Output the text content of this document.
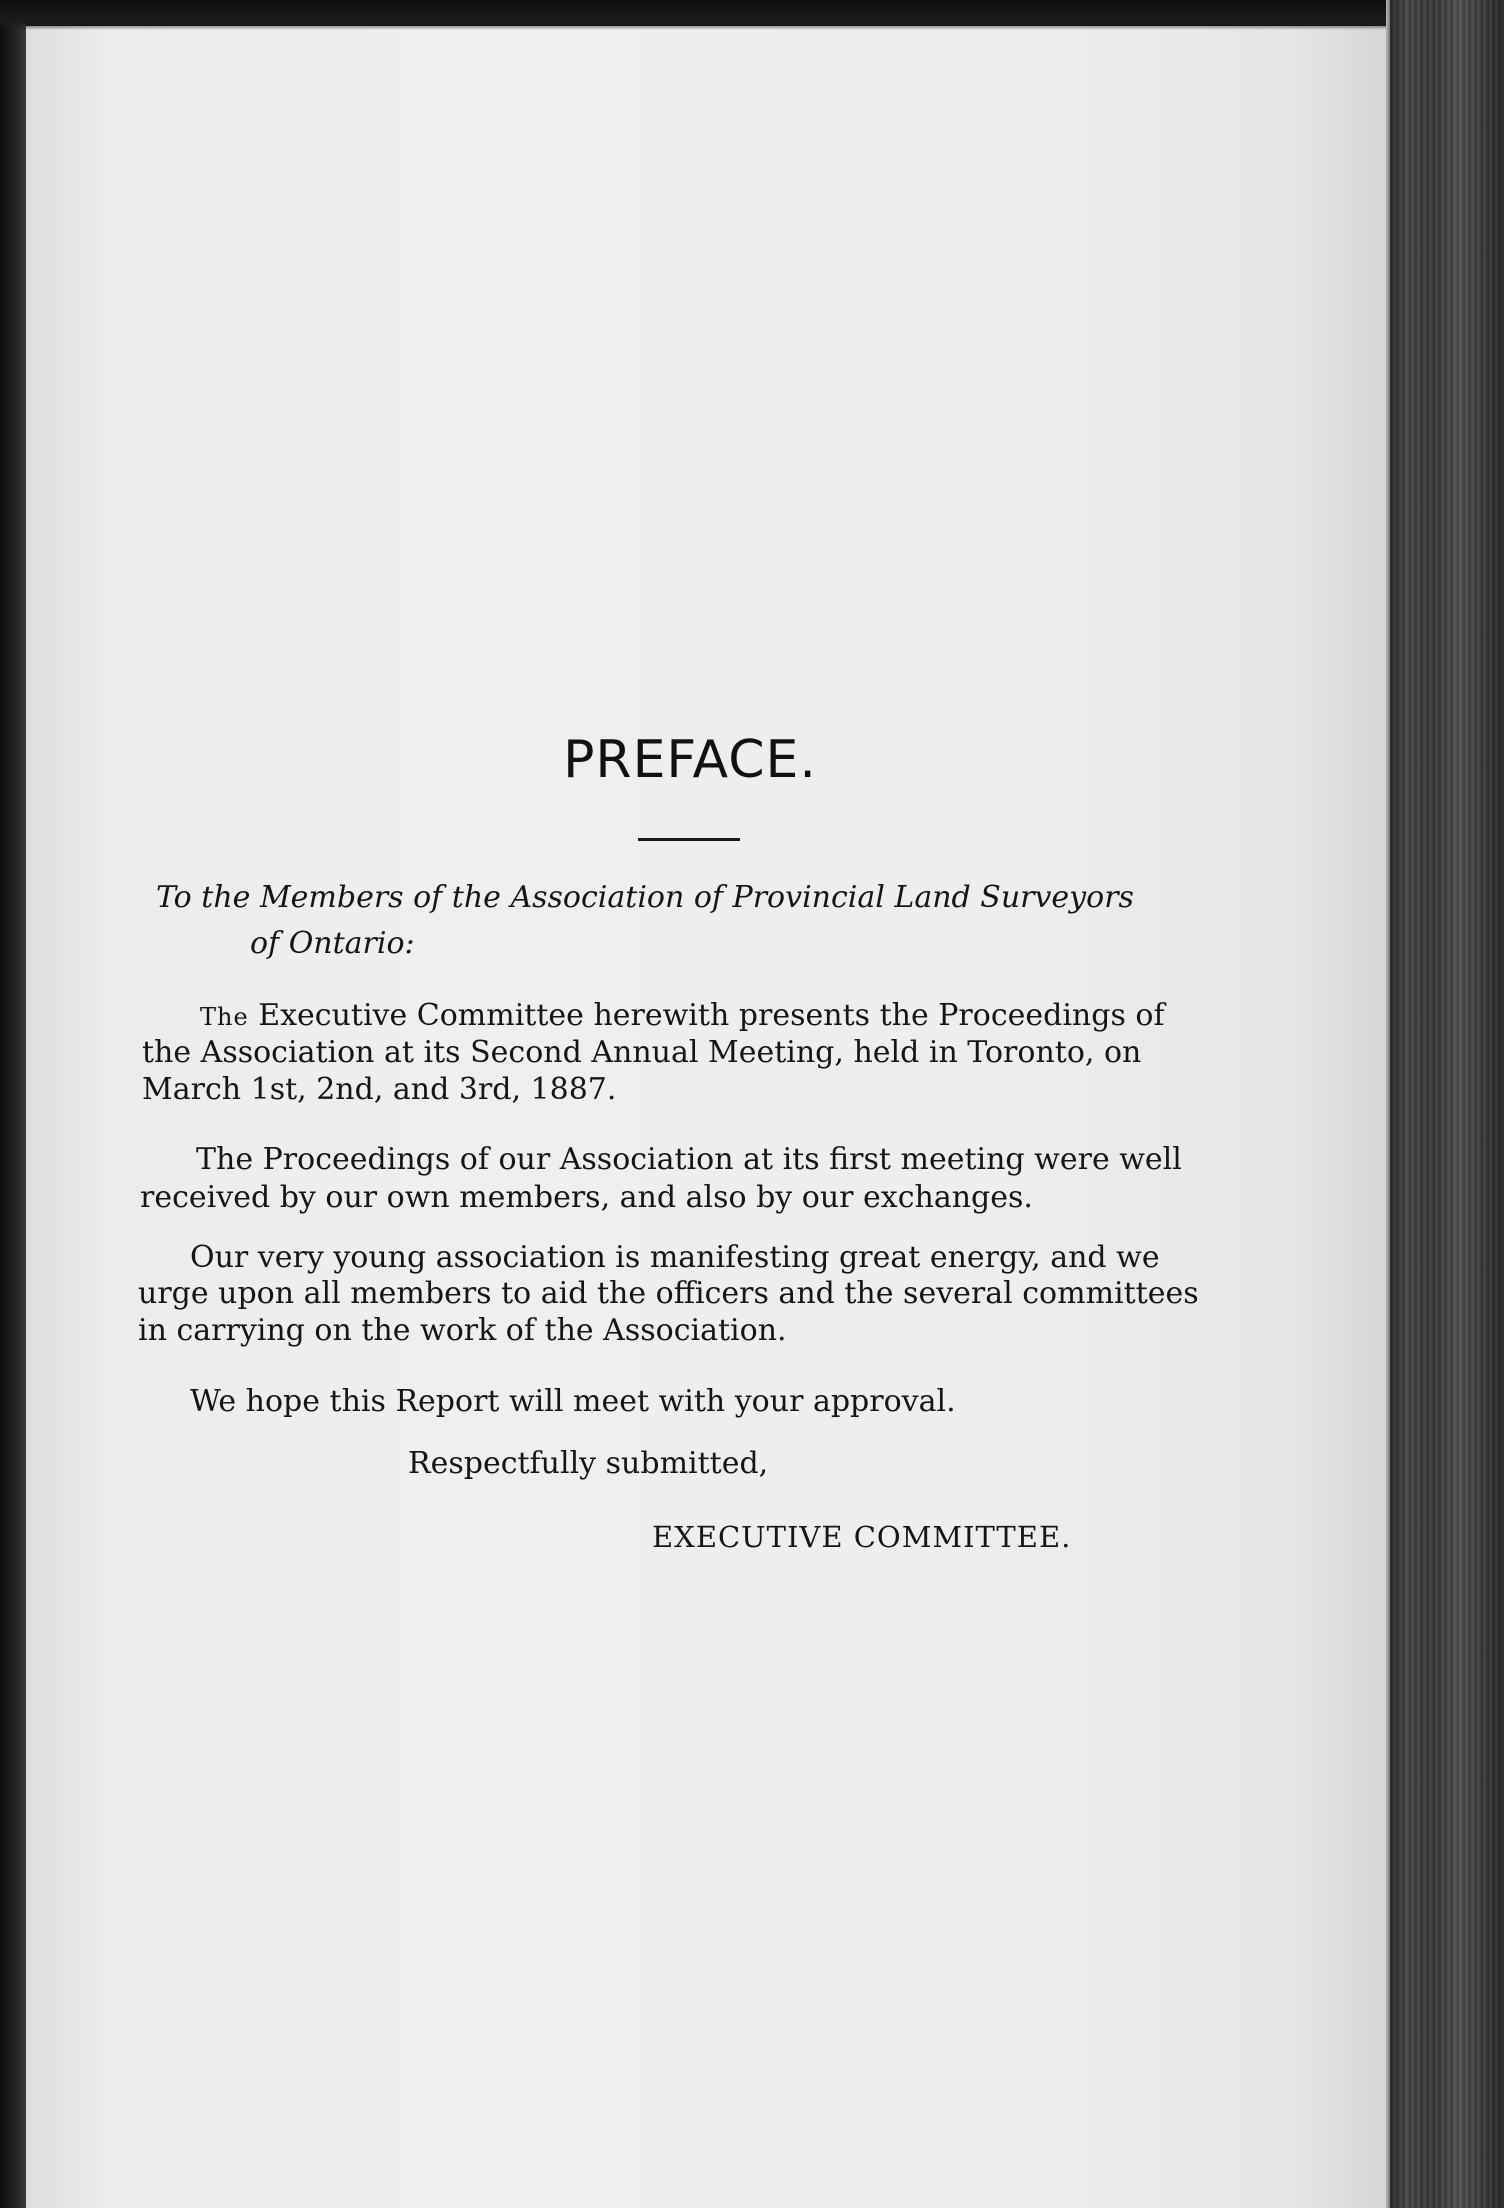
PREFACE.
To the Members of the Association of Provincial Land Surveyors
of Ontario:
The Executive Committee herewith presents the Proceedings of
the Association at its Second Annual Meeting, held in Toronto, on
March 1st, 2nd, and 3rd, 1887.
The Proceedings of our Association at its first meeting were well
received by our own members, and also by our exchanges.
Our very young association is manifesting great energy, and we
urge upon all members to aid the officers and the several committees
in carrying on the work of the Association.
We hope this Report will meet with your approval.
Respectfully submitted,
EXECUTIVE COMMITTEE.
